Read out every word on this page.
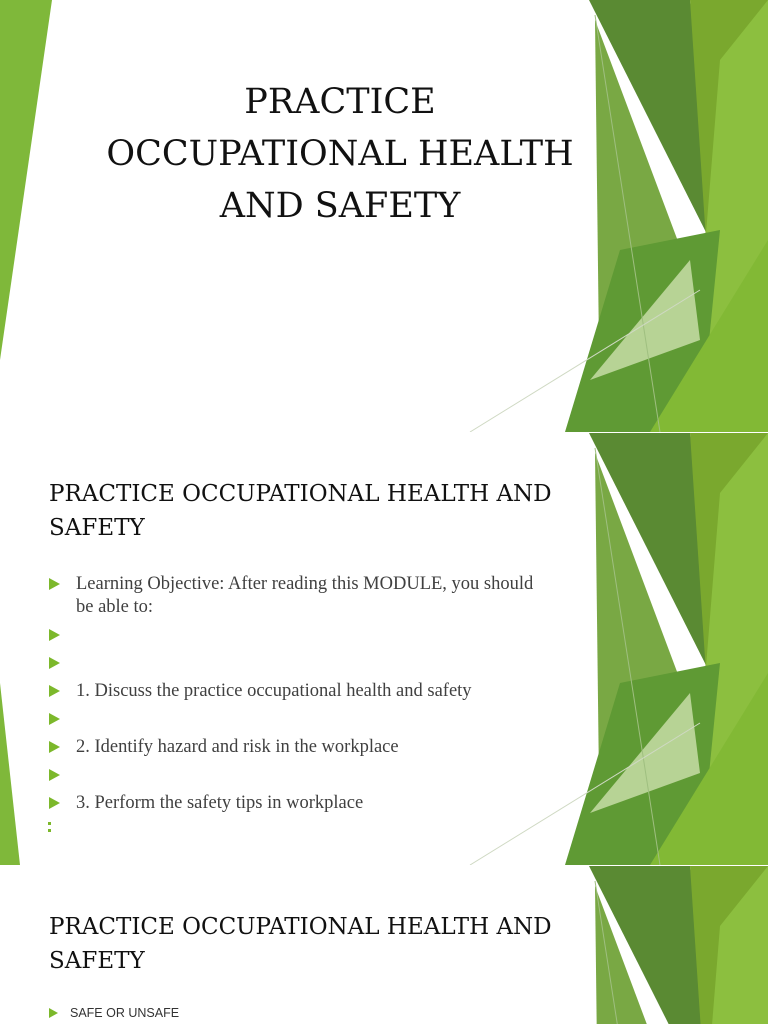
PRACTICE OCCUPATIONAL HEALTH AND SAFETY
PRACTICE OCCUPATIONAL HEALTH AND SAFETY
Learning Objective: After reading this MODULE, you should be able to:
1. Discuss the practice occupational health and safety
2. Identify hazard and risk in the workplace
3. Perform the safety tips in workplace
PRACTICE OCCUPATIONAL HEALTH AND SAFETY
SAFE OR UNSAFE
